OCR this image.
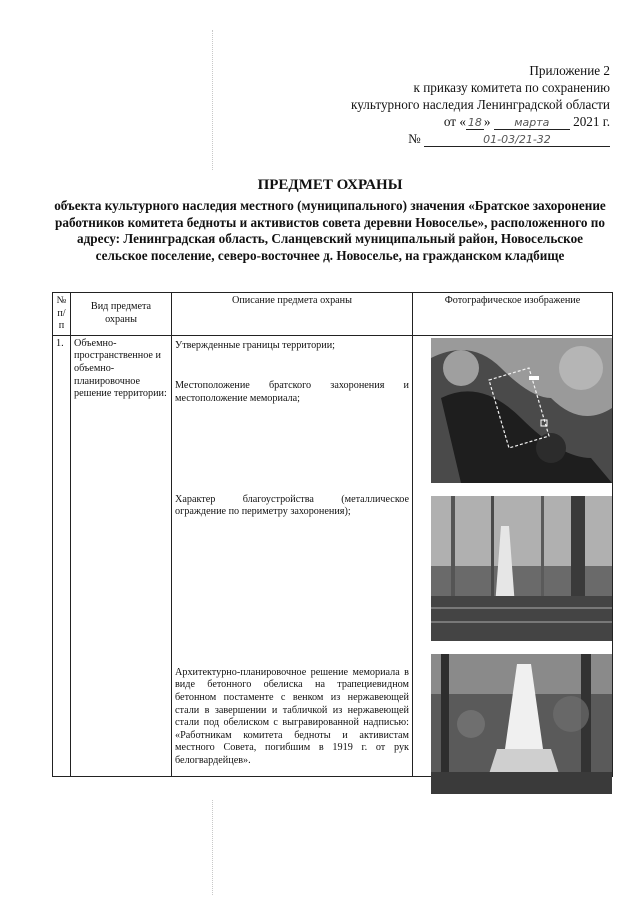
Приложение 2
к приказу комитета по сохранению
культурного наследия Ленинградской области
от « 18 » марта 2021 г.
№	01-03/21-32
ПРЕДМЕТ ОХРАНЫ
объекта культурного наследия местного (муниципального) значения «Братское захоронение работников комитета бедноты и активистов совета деревни Новоселье», расположенного по адресу: Ленинградская область, Сланцевский муниципальный район, Новосельское сельское поселение, северо-восточнее д. Новоселье, на гражданском кладбище
№ п/п	Вид предмета охраны	Описание предмета охраны	Фотографическое изображение
1.	Объемно-пространственное и объемно-планировочное решение территории:	Утвержденные границы территории;

Местоположение братского захоронения и местоположение мемориала;

Характер благоустройства (металлическое ограждение по периметру захоронения);

Архитектурно-планировочное решение мемориала в виде бетонного обелиска на трапециевидном бетонном постаменте с венком из нержавеющей стали в завершении и табличкой из нержавеющей стали под обелиском с выгравированной надписью: «Работникам комитета бедноты и активистам местного Совета, погибшим в 1919 г. от рук белогвардейцев».
